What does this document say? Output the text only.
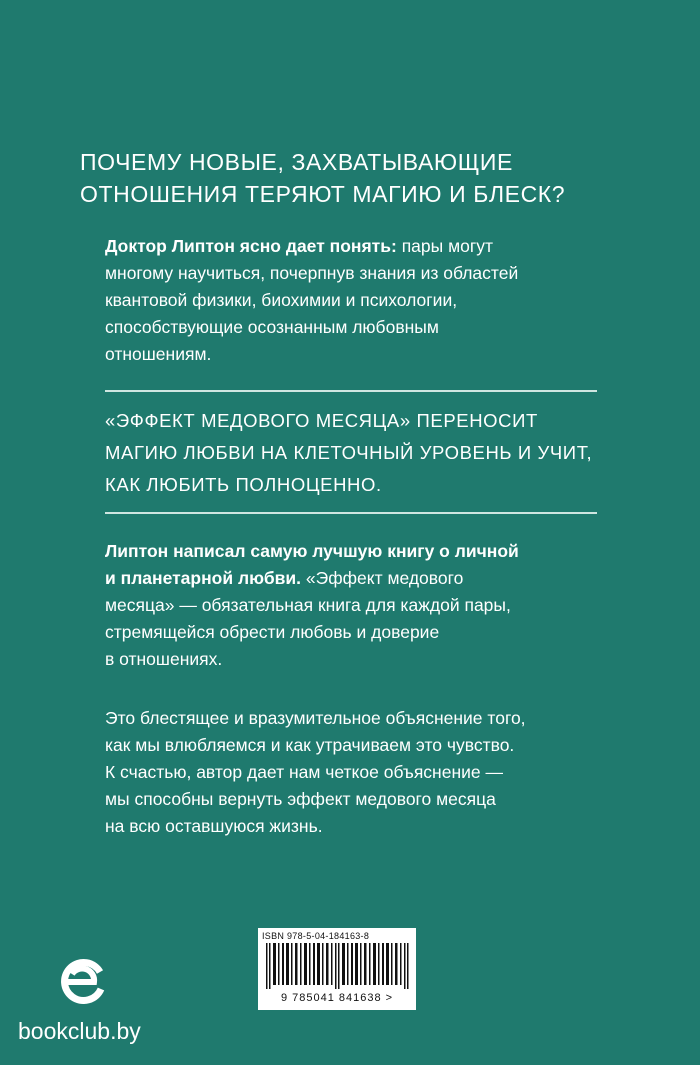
ПОЧЕМУ НОВЫЕ, ЗАХВАТЫВАЮЩИЕ
ОТНОШЕНИЯ ТЕРЯЮТ МАГИЮ И БЛЕСК?
Доктор Липтон ясно дает понять: пары могут
многому научиться, почерпнув знания из областей
квантовой физики, биохимии и психологии,
способствующие осознанным любовным
отношениям.
«ЭФФЕКТ МЕДОВОГО МЕСЯЦА» ПЕРЕНОСИТ
МАГИЮ ЛЮБВИ НА КЛЕТОЧНЫЙ УРОВЕНЬ И УЧИТ,
КАК ЛЮБИТЬ ПОЛНОЦЕННО.
Липтон написал самую лучшую книгу о личной
и планетарной любви. «Эффект медового
месяца» — обязательная книга для каждой пары,
стремящейся обрести любовь и доверие
в отношениях.
Это блестящее и вразумительное объяснение того,
как мы влюбляемся и как утрачиваем это чувство.
К счастью, автор дает нам четкое объяснение —
мы способны вернуть эффект медового месяца
на всю оставшуюся жизнь.
ISBN 978-5-04-184163-8
9 785041 841638 >
bookclub.by
